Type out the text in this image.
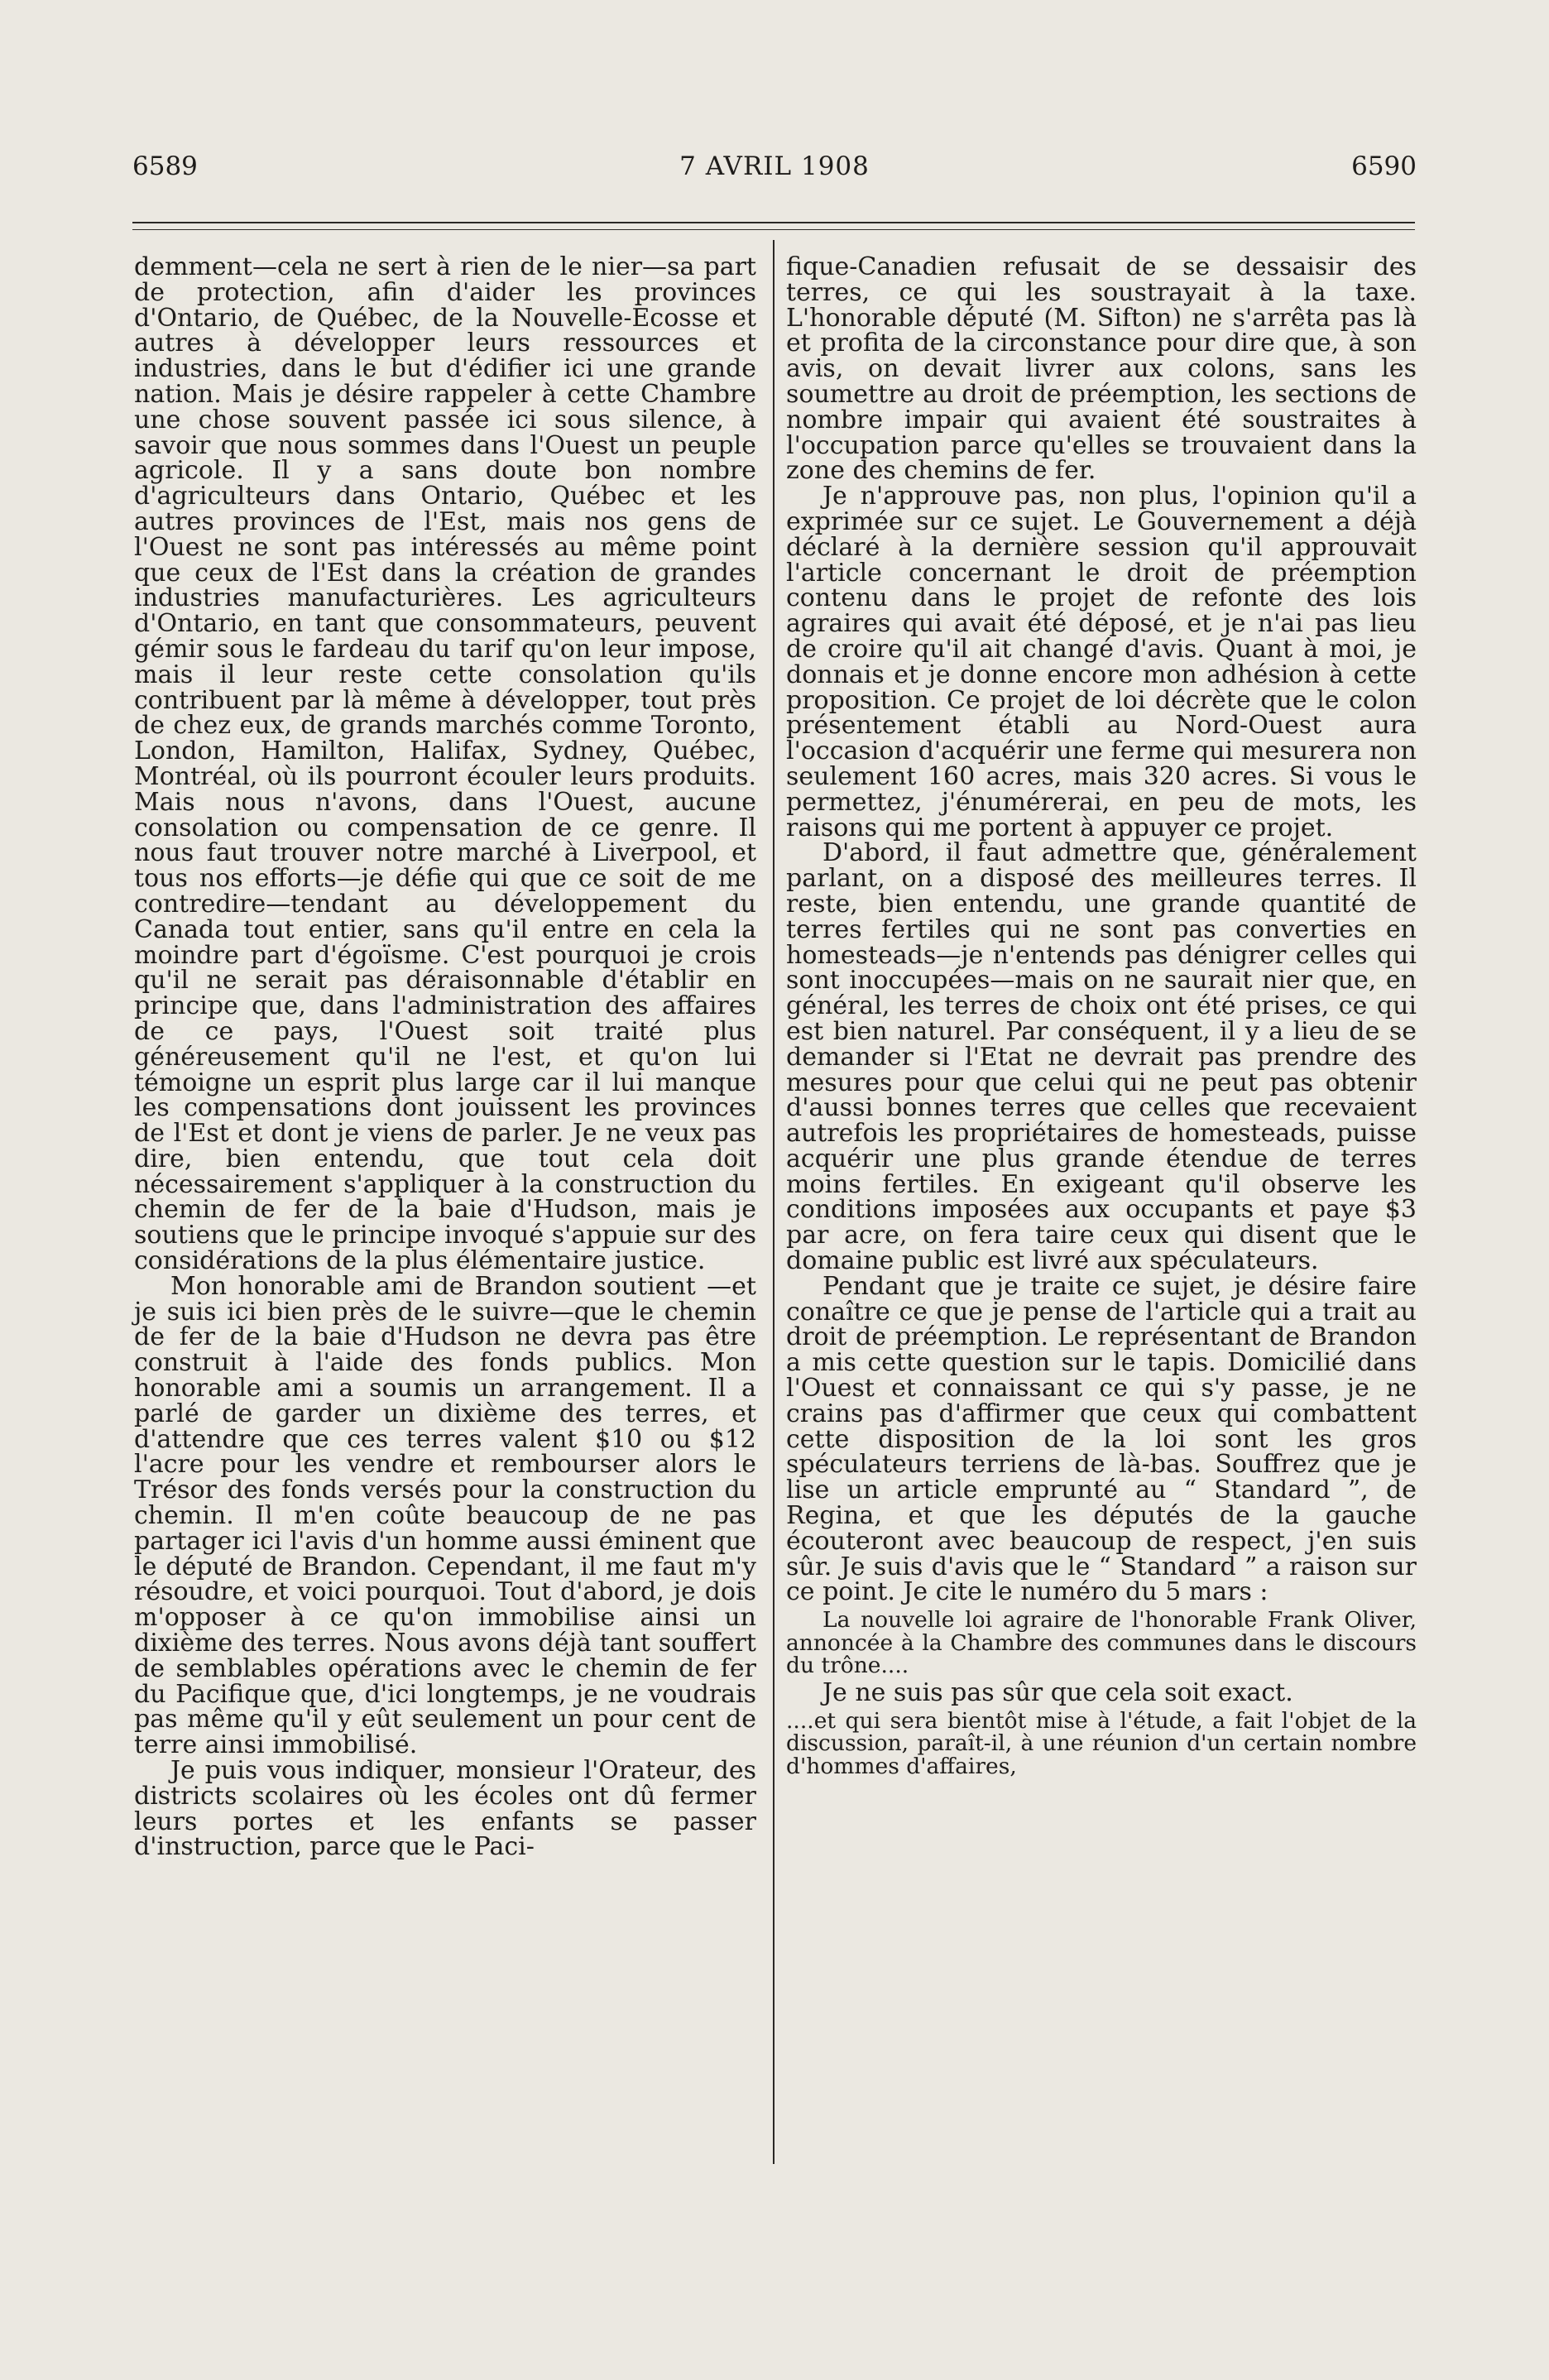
6589	7 AVRIL 1908	6590

demment—cela ne sert à rien de le nier—sa part de protection, afin d'aider les provinces d'Ontario, de Québec, de la Nouvelle-Ecosse et autres à développer leurs ressources et industries, dans le but d'édifier ici une grande nation. Mais je désire rappeler à cette Chambre une chose souvent passée ici sous silence, à savoir que nous sommes dans l'Ouest un peuple agricole. Il y a sans doute bon nombre d'agriculteurs dans Ontario, Québec et les autres provinces de l'Est, mais nos gens de l'Ouest ne sont pas intéressés au même point que ceux de l'Est dans la création de grandes industries manufacturières. Les agriculteurs d'Ontario, en tant que consommateurs, peuvent gémir sous le fardeau du tarif qu'on leur impose, mais il leur reste cette consolation qu'ils contribuent par là même à développer, tout près de chez eux, de grands marchés comme Toronto, London, Hamilton, Halifax, Sydney, Québec, Montréal, où ils pourront écouler leurs produits. Mais nous n'avons, dans l'Ouest, aucune consolation ou compensation de ce genre. Il nous faut trouver notre marché à Liverpool, et tous nos efforts—je défie qui que ce soit de me contredire—tendant au développement du Canada tout entier, sans qu'il entre en cela la moindre part d'égoïsme. C'est pourquoi je crois qu'il ne serait pas déraisonnable d'établir en principe que, dans l'administration des affaires de ce pays, l'Ouest soit traité plus généreusement qu'il ne l'est, et qu'on lui témoigne un esprit plus large car il lui manque les compensations dont jouissent les provinces de l'Est et dont je viens de parler. Je ne veux pas dire, bien entendu, que tout cela doit nécessairement s'appliquer à la construction du chemin de fer de la baie d'Hudson, mais je soutiens que le principe invoqué s'appuie sur des considérations de la plus élémentaire justice.

Mon honorable ami de Brandon soutient —et je suis ici bien près de le suivre—que le chemin de fer de la baie d'Hudson ne devra pas être construit à l'aide des fonds publics. Mon honorable ami a soumis un arrangement. Il a parlé de garder un dixième des terres, et d'attendre que ces terres valent $10 ou $12 l'acre pour les vendre et rembourser alors le Trésor des fonds versés pour la construction du chemin. Il m'en coûte beaucoup de ne pas partager ici l'avis d'un homme aussi éminent que le député de Brandon. Cependant, il me faut m'y résoudre, et voici pourquoi. Tout d'abord, je dois m'opposer à ce qu'on immobilise ainsi un dixième des terres. Nous avons déjà tant souffert de semblables opérations avec le chemin de fer du Pacifique que, d'ici longtemps, je ne voudrais pas même qu'il y eût seulement un pour cent de terre ainsi immobilisé.

Je puis vous indiquer, monsieur l'Orateur, des districts scolaires où les écoles ont dû fermer leurs portes et les enfants se passer d'instruction, parce que le Paci-

fique-Canadien refusait de se dessaisir des terres, ce qui les soustrayait à la taxe. L'honorable député (M. Sifton) ne s'arrêta pas là et profita de la circonstance pour dire que, à son avis, on devait livrer aux colons, sans les soumettre au droit de préemption, les sections de nombre impair qui avaient été soustraites à l'occupation parce qu'elles se trouvaient dans la zone des chemins de fer.

Je n'approuve pas, non plus, l'opinion qu'il a exprimée sur ce sujet. Le Gouvernement a déjà déclaré à la dernière session qu'il approuvait l'article concernant le droit de préemption contenu dans le projet de refonte des lois agraires qui avait été déposé, et je n'ai pas lieu de croire qu'il ait changé d'avis. Quant à moi, je donnais et je donne encore mon adhésion à cette proposition. Ce projet de loi décrète que le colon présentement établi au Nord-Ouest aura l'occasion d'acquérir une ferme qui mesurera non seulement 160 acres, mais 320 acres. Si vous le permettez, j'énumérerai, en peu de mots, les raisons qui me portent à appuyer ce projet.

D'abord, il faut admettre que, généralement parlant, on a disposé des meilleures terres. Il reste, bien entendu, une grande quantité de terres fertiles qui ne sont pas converties en homesteads—je n'entends pas dénigrer celles qui sont inoccupées—mais on ne saurait nier que, en général, les terres de choix ont été prises, ce qui est bien naturel. Par conséquent, il y a lieu de se demander si l'Etat ne devrait pas prendre des mesures pour que celui qui ne peut pas obtenir d'aussi bonnes terres que celles que recevaient autrefois les propriétaires de homesteads, puisse acquérir une plus grande étendue de terres moins fertiles. En exigeant qu'il observe les conditions imposées aux occupants et paye $3 par acre, on fera taire ceux qui disent que le domaine public est livré aux spéculateurs.

Pendant que je traite ce sujet, je désire faire conaître ce que je pense de l'article qui a trait au droit de préemption. Le représentant de Brandon a mis cette question sur le tapis. Domicilié dans l'Ouest et connaissant ce qui s'y passe, je ne crains pas d'affirmer que ceux qui combattent cette disposition de la loi sont les gros spéculateurs terriens de là-bas. Souffrez que je lise un article emprunté au “ Standard ”, de Regina, et que les députés de la gauche écouteront avec beaucoup de respect, j'en suis sûr. Je suis d'avis que le “ Standard ” a raison sur ce point. Je cite le numéro du 5 mars :

La nouvelle loi agraire de l'honorable Frank Oliver, annoncée à la Chambre des communes dans le discours du trône....

Je ne suis pas sûr que cela soit exact.

....et qui sera bientôt mise à l'étude, a fait l'objet de la discussion, paraît-il, à une réunion d'un certain nombre d'hommes d'affaires,
